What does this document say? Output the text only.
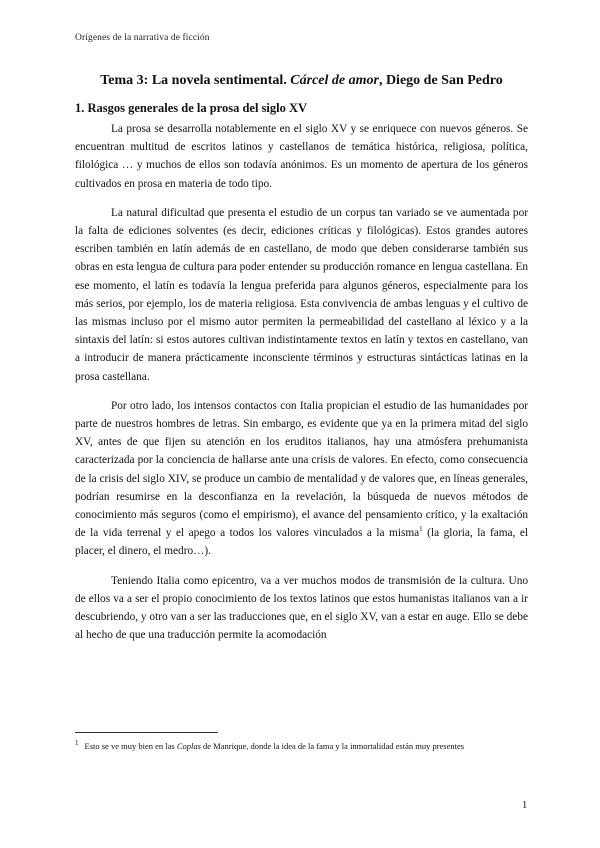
Orígenes de la narrativa de ficción
Tema 3: La novela sentimental. Cárcel de amor, Diego de San Pedro
1. Rasgos generales de la prosa del siglo XV

La prosa se desarrolla notablemente en el siglo XV y se enriquece con nuevos géneros. Se encuentran multitud de escritos latinos y castellanos de temática histórica, religiosa, política, filológica … y muchos de ellos son todavía anónimos. Es un momento de apertura de los géneros cultivados en prosa en materia de todo tipo.

La natural dificultad que presenta el estudio de un corpus tan variado se ve aumentada por la falta de ediciones solventes (es decir, ediciones críticas y filológicas). Estos grandes autores escriben también en latín además de en castellano, de modo que deben considerarse también sus obras en esta lengua de cultura para poder entender su producción romance en lengua castellana. En ese momento, el latín es todavía la lengua preferida para algunos géneros, especialmente para los más serios, por ejemplo, los de materia religiosa. Esta convivencia de ambas lenguas y el cultivo de las mismas incluso por el mismo autor permiten la permeabilidad del castellano al léxico y a la sintaxis del latín: si estos autores cultivan indistintamente textos en latín y textos en castellano, van a introducir de manera prácticamente inconsciente términos y estructuras sintácticas latinas en la prosa castellana.

Por otro lado, los intensos contactos con Italia propician el estudio de las humanidades por parte de nuestros hombres de letras. Sin embargo, es evidente que ya en la primera mitad del siglo XV, antes de que fijen su atención en los eruditos italianos, hay una atmósfera prehumanista caracterizada por la conciencia de hallarse ante una crisis de valores. En efecto, como consecuencia de la crisis del siglo XIV, se produce un cambio de mentalidad y de valores que, en líneas generales, podrían resumirse en la desconfianza en la revelación, la búsqueda de nuevos métodos de conocimiento más seguros (como el empirismo), el avance del pensamiento crítico, y la exaltación de la vida terrenal y el apego a todos los valores vinculados a la misma$^1$ (la gloria, la fama, el placer, el dinero, el medro…).

Teniendo Italia como epicentro, va a ver muchos modos de transmisión de la cultura. Uno de ellos va a ser el propio conocimiento de los textos latinos que estos humanistas italianos van a ir descubriendo, y otro van a ser las traducciones que, en el siglo XV, van a estar en auge. Ello se debe al hecho de que una traducción permite la acomodación

$^1$ Esto se ve muy bien en las Coplas de Manrique, donde la idea de la fama y la inmortalidad están muy presentes
1
